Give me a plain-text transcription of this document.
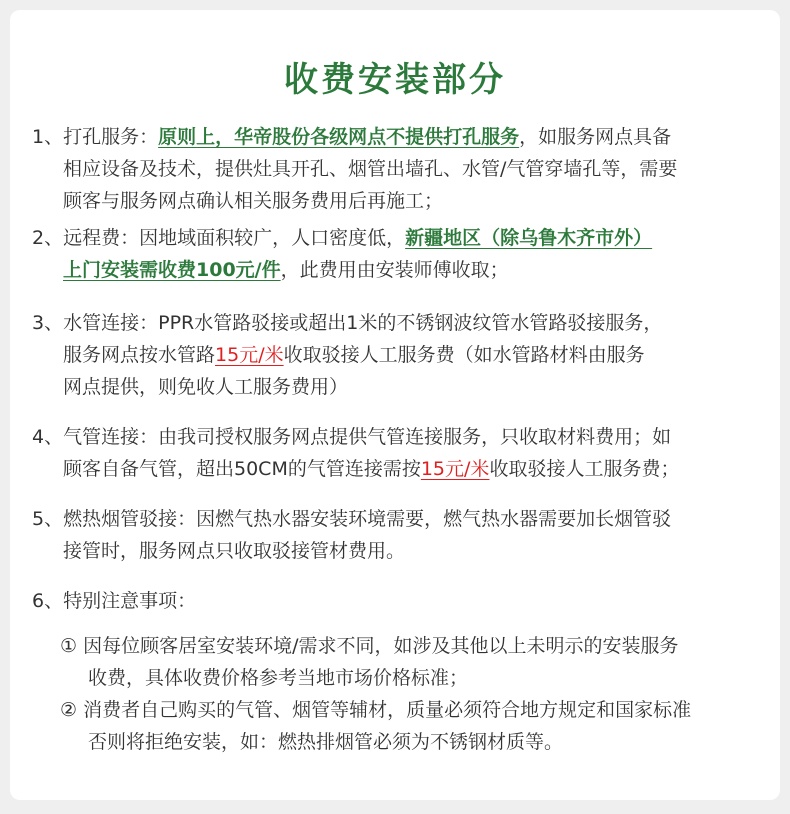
收费安装部分
1、打孔服务：原则上，华帝股份各级网点不提供打孔服务，如服务网点具备
相应设备及技术，提供灶具开孔、烟管出墙孔、水管/气管穿墙孔等，需要
顾客与服务网点确认相关服务费用后再施工；
2、远程费：因地域面积较广，人口密度低，新疆地区（除乌鲁木齐市外）
上门安装需收费100元/件，此费用由安装师傅收取；
3、水管连接：PPR水管路驳接或超出1米的不锈钢波纹管水管路驳接服务，
服务网点按水管路15元/米收取驳接人工服务费（如水管路材料由服务
网点提供，则免收人工服务费用）
4、气管连接：由我司授权服务网点提供气管连接服务，只收取材料费用；如
顾客自备气管，超出50CM的气管连接需按15元/米收取驳接人工服务费；
5、燃热烟管驳接：因燃气热水器安装环境需要，燃气热水器需要加长烟管驳
接管时，服务网点只收取驳接管材费用。
6、特别注意事项：
① 因每位顾客居室安装环境/需求不同，如涉及其他以上未明示的安装服务
收费，具体收费价格参考当地市场价格标准；
② 消费者自己购买的气管、烟管等辅材，质量必须符合地方规定和国家标准
否则将拒绝安装，如：燃热排烟管必须为不锈钢材质等。
